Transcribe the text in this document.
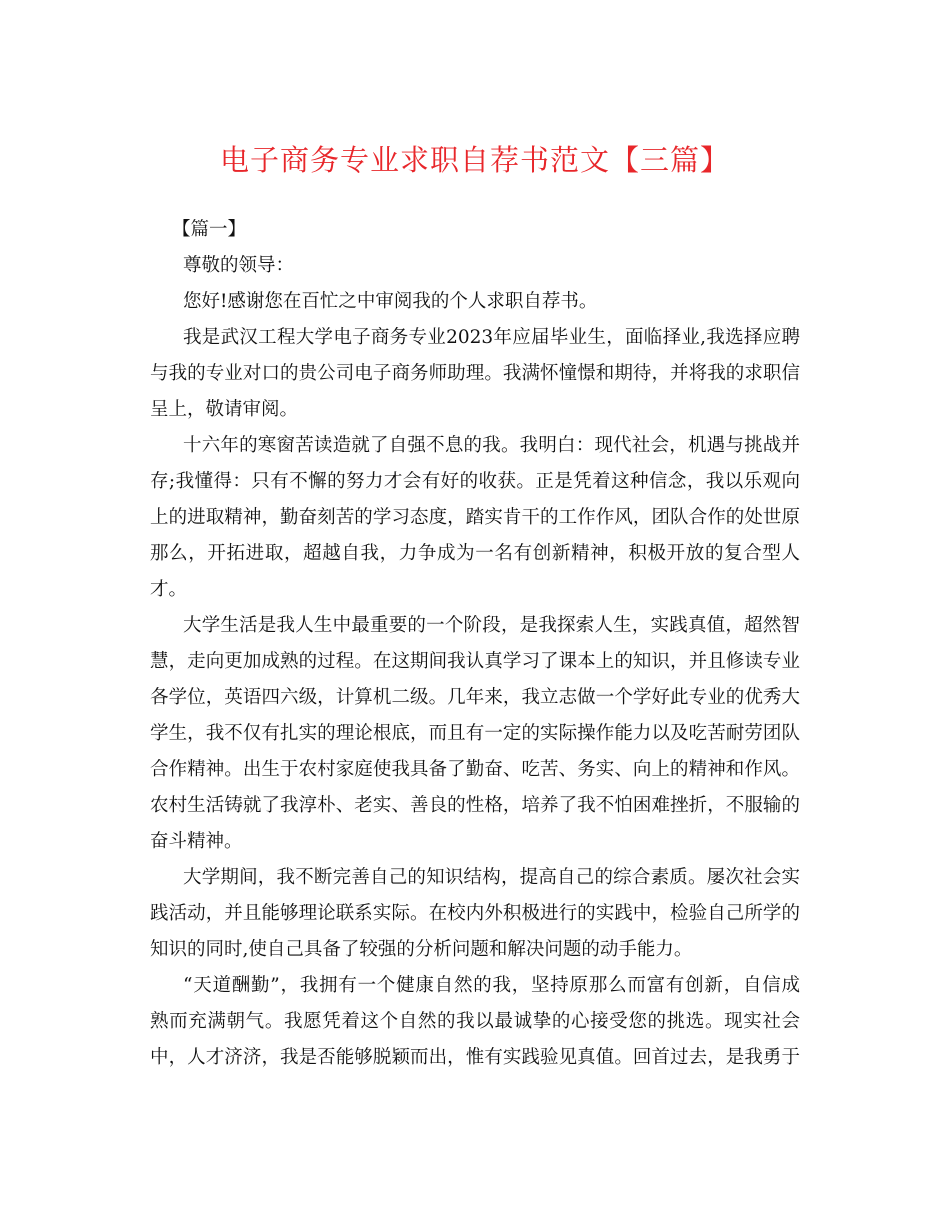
电子商务专业求职自荐书范文【三篇】
【篇一】
尊敬的领导：
您好!感谢您在百忙之中审阅我的个人求职自荐书。
我是武汉工程大学电子商务专业2023年应届毕业生，面临择业,我选择应聘
与我的专业对口的贵公司电子商务师助理。我满怀憧憬和期待，并将我的求职信
呈上，敬请审阅。
十六年的寒窗苦读造就了自强不息的我。我明白：现代社会，机遇与挑战并
存;我懂得：只有不懈的努力才会有好的收获。正是凭着这种信念，我以乐观向
上的进取精神，勤奋刻苦的学习态度，踏实肯干的工作作风，团队合作的处世原
那么，开拓进取，超越自我，力争成为一名有创新精神，积极开放的复合型人
才。
大学生活是我人生中最重要的一个阶段，是我探索人生，实践真值，超然智
慧，走向更加成熟的过程。在这期间我认真学习了课本上的知识，并且修读专业
各学位，英语四六级，计算机二级。几年来，我立志做一个学好此专业的优秀大
学生，我不仅有扎实的理论根底，而且有一定的实际操作能力以及吃苦耐劳团队
合作精神。出生于农村家庭使我具备了勤奋、吃苦、务实、向上的精神和作风。
农村生活铸就了我淳朴、老实、善良的性格，培养了我不怕困难挫折，不服输的
奋斗精神。
大学期间，我不断完善自己的知识结构，提高自己的综合素质。屡次社会实
践活动，并且能够理论联系实际。在校内外积极进行的实践中，检验自己所学的
知识的同时,使自己具备了较强的分析问题和解决问题的动手能力。
“天道酬勤”，我拥有一个健康自然的我，坚持原那么而富有创新，自信成
熟而充满朝气。我愿凭着这个自然的我以最诚挚的心接受您的挑选。现实社会
中，人才济济，我是否能够脱颖而出，惟有实践验见真值。回首过去，是我勇于
